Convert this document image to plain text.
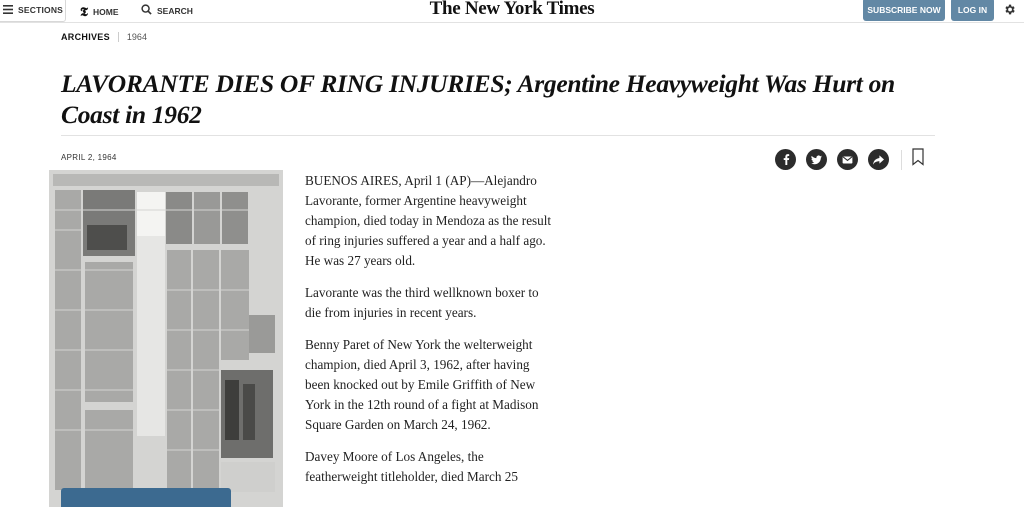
SECTIONS 𝕿 HOME	SEARCH	The New York Times	SUBSCRIBE NOW	LOG IN
ARCHIVES 1964
LAVORANTE DIES OF RING INJURIES; Argentine Heavyweight Was Hurt on Coast in 1962
APRIL 2, 1964

BUENOS AIRES, April 1 (AP)—Alejandro Lavorante, former Argentine heavyweight champion, died today in Mendoza as the result of ring injuries suffered a year and a half ago. He was 27 years old.

Lavorante was the third wellknown boxer to die from injuries in recent years.

Benny Paret of New York the welterweight champion, died April 3, 1962, after having been knocked out by Emile Griffith of New York in the 12th round of a fight at Madison Square Garden on March 24, 1962.

Davey Moore of Los Angeles, the featherweight titleholder, died March 25
